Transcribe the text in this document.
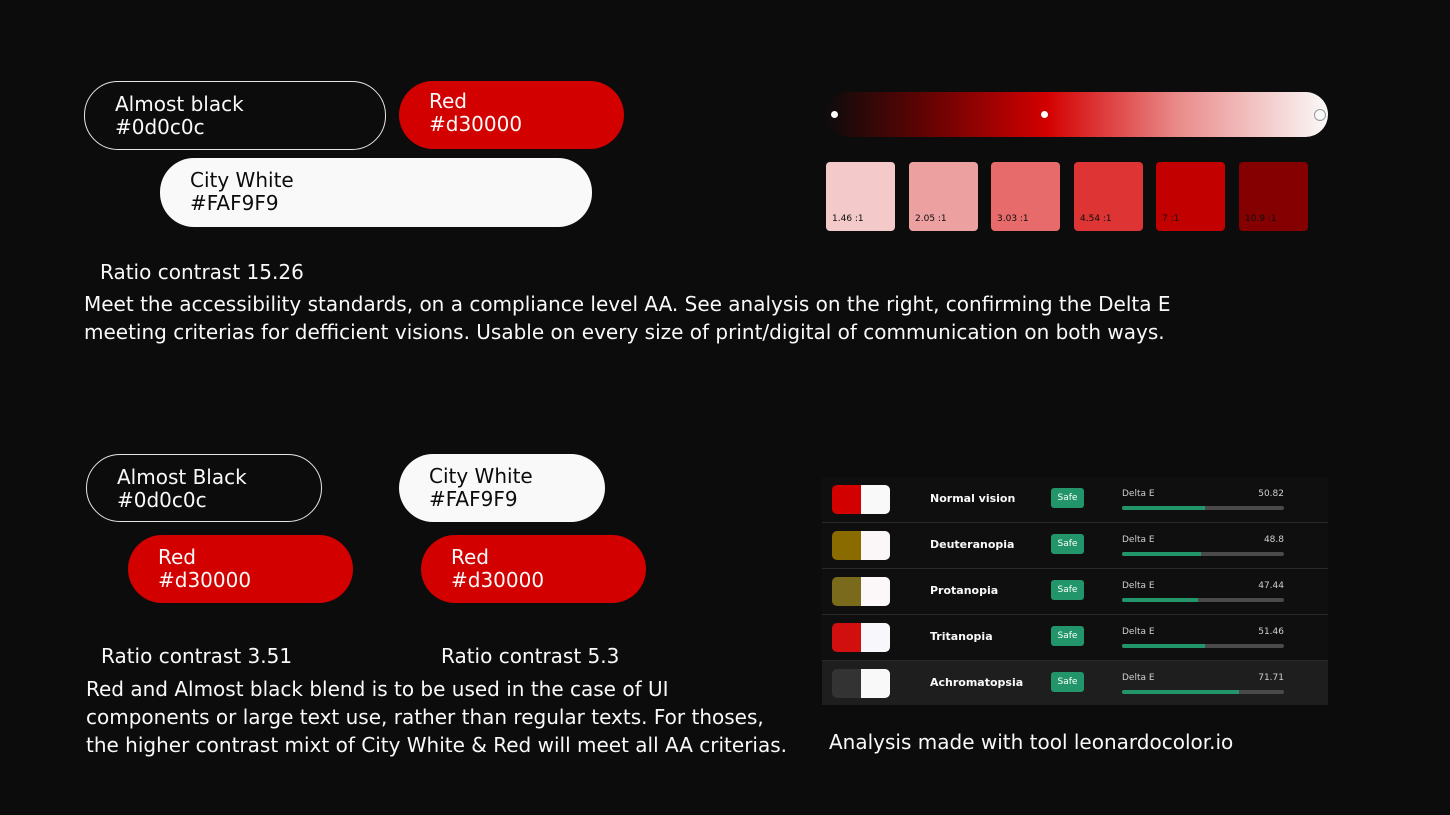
Almost black
#0d0c0c
Red
#d30000
City White
#FAF9F9
Ratio contrast 15.26
Meet the accessibility standards, on a compliance level AA. See analysis on the right, confirming the Delta E meeting criterias for defficient visions. Usable on every size of print/digital of communication on both ways.
1.46 :1	2.05 :1	3.03 :1	4.54 :1	7 :1	10.9 :1
Almost Black
#0d0c0c
Red
#d30000
City White
#FAF9F9
Red
#d30000
Ratio contrast 3.51	Ratio contrast 5.3
Red and Almost black blend is to be used in the case of UI components or large text use, rather than regular texts. For thoses, the higher contrast mixt of City White & Red will meet all AA criterias.
Normal vision	Safe	Delta E	50.82
Deuteranopia	Safe	Delta E	48.8
Protanopia	Safe	Delta E	47.44
Tritanopia	Safe	Delta E	51.46
Achromatopsia	Safe	Delta E	71.71
Analysis made with tool leonardocolor.io
